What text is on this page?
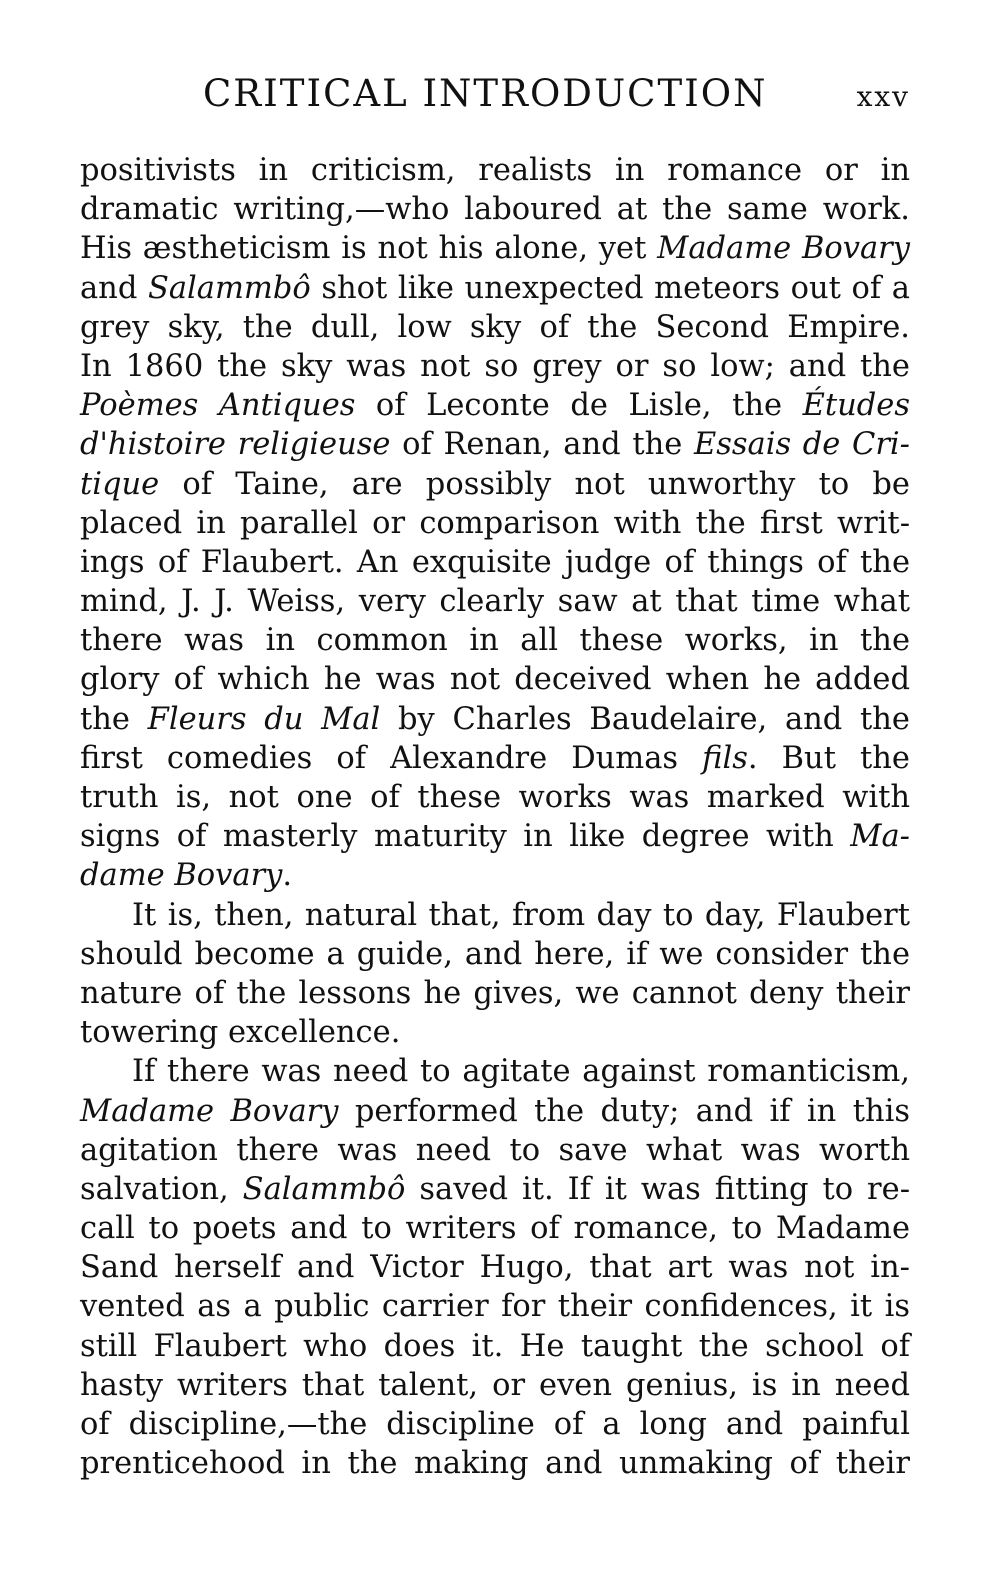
CRITICAL INTRODUCTION	xxv
positivists in criticism, realists in romance or in
dramatic writing,—who laboured at the same work.
His æstheticism is not his alone, yet Madame Bovary
and Salammbô shot like unexpected meteors out of a
grey sky, the dull, low sky of the Second Empire.
In 1860 the sky was not so grey or so low; and the
Poèmes Antiques of Leconte de Lisle, the Études
d'histoire religieuse of Renan, and the Essais de Cri-
tique of Taine, are possibly not unworthy to be
placed in parallel or comparison with the first writ-
ings of Flaubert. An exquisite judge of things of the
mind, J. J. Weiss, very clearly saw at that time what
there was in common in all these works, in the
glory of which he was not deceived when he added
the Fleurs du Mal by Charles Baudelaire, and the
first comedies of Alexandre Dumas fils. But the
truth is, not one of these works was marked with
signs of masterly maturity in like degree with Ma-
dame Bovary.
It is, then, natural that, from day to day, Flaubert
should become a guide, and here, if we consider the
nature of the lessons he gives, we cannot deny their
towering excellence.
If there was need to agitate against romanticism,
Madame Bovary performed the duty; and if in this
agitation there was need to save what was worth
salvation, Salammbô saved it. If it was fitting to re-
call to poets and to writers of romance, to Madame
Sand herself and Victor Hugo, that art was not in-
vented as a public carrier for their confidences, it is
still Flaubert who does it. He taught the school of
hasty writers that talent, or even genius, is in need
of discipline,—the discipline of a long and painful
prenticehood in the making and unmaking of their
